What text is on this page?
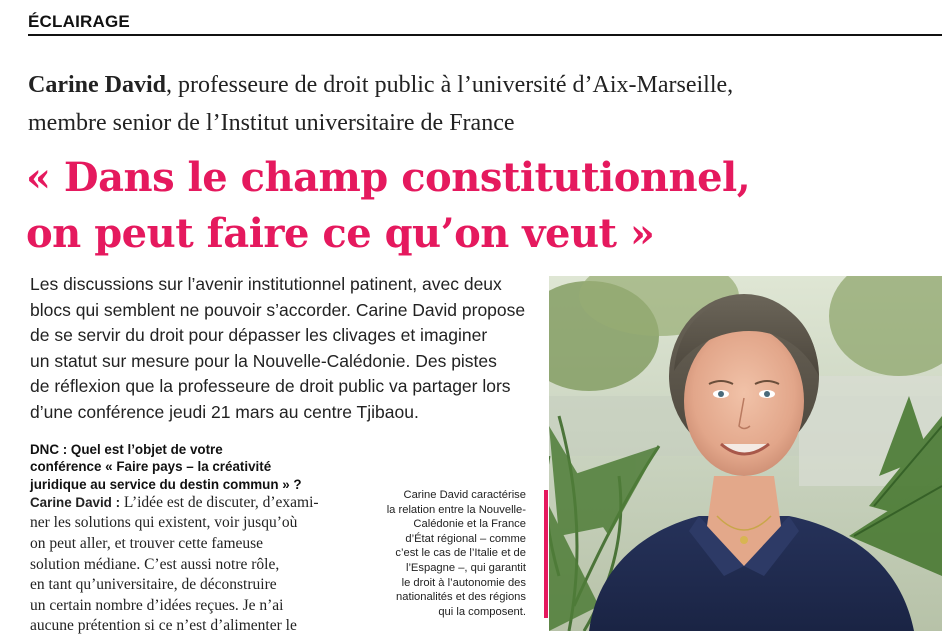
ÉCLAIRAGE
Carine David, professeure de droit public à l’université d’Aix-Marseille,
membre senior de l’Institut universitaire de France
« Dans le champ constitutionnel,
on peut faire ce qu’on veut »
Les discussions sur l’avenir institutionnel patinent, avec deux
blocs qui semblent ne pouvoir s’accorder. Carine David propose
de se servir du droit pour dépasser les clivages et imaginer
un statut sur mesure pour la Nouvelle-Calédonie. Des pistes
de réflexion que la professeure de droit public va partager lors
d’une conférence jeudi 21 mars au centre Tjibaou.
DNC : Quel est l’objet de votre
conférence « Faire pays – la créativité
juridique au service du destin commun » ?
Carine David : L’idée est de discuter, d’exami-
ner les solutions qui existent, voir jusqu’où
on peut aller, et trouver cette fameuse
solution médiane. C’est aussi notre rôle,
en tant qu’universitaire, de déconstruire
un certain nombre d’idées reçues. Je n’ai
aucune prétention si ce n’est d’alimenter le
Carine David caractérise
la relation entre la Nouvelle-
Calédonie et la France
d’État régional – comme
c’est le cas de l’Italie et de
l’Espagne –, qui garantit
le droit à l’autonomie des
nationalités et des régions
qui la composent.
